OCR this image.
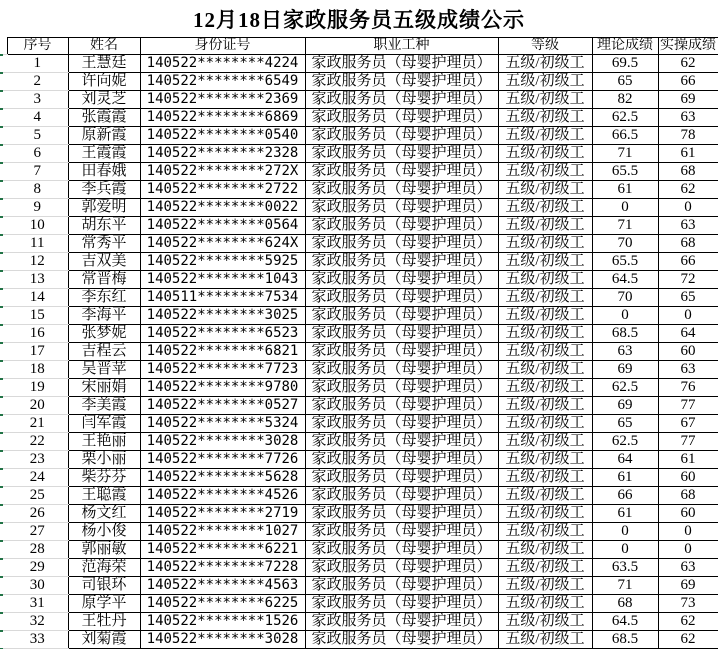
12月18日家政服务员五级成绩公示
	序号	姓名	身份证号	职业工种	等级	理论成绩	实操成绩
	1	王慧廷	140522********4224	家政服务员（母婴护理员）	五级/初级工	69.5	62
	2	许向妮	140522********6549	家政服务员（母婴护理员）	五级/初级工	65	66
	3	刘灵芝	140522********2369	家政服务员（母婴护理员）	五级/初级工	82	69
	4	张霞霞	140522********6869	家政服务员（母婴护理员）	五级/初级工	62.5	63
	5	原新霞	140522********0540	家政服务员（母婴护理员）	五级/初级工	66.5	78
	6	王霞霞	140522********2328	家政服务员（母婴护理员）	五级/初级工	71	61
	7	田春娥	140522********272X	家政服务员（母婴护理员）	五级/初级工	65.5	68
	8	李兵霞	140522********2722	家政服务员（母婴护理员）	五级/初级工	61	62
	9	郭爱明	140522********0022	家政服务员（母婴护理员）	五级/初级工	0	0
	10	胡东平	140522********0564	家政服务员（母婴护理员）	五级/初级工	71	63
	11	常秀平	140522********624X	家政服务员（母婴护理员）	五级/初级工	70	68
	12	吉双美	140522********5925	家政服务员（母婴护理员）	五级/初级工	65.5	66
	13	常晋梅	140522********1043	家政服务员（母婴护理员）	五级/初级工	64.5	72
	14	李东红	140511********7534	家政服务员（母婴护理员）	五级/初级工	70	65
	15	李海平	140522********3025	家政服务员（母婴护理员）	五级/初级工	0	0
	16	张梦妮	140522********6523	家政服务员（母婴护理员）	五级/初级工	68.5	64
	17	吉程云	140522********6821	家政服务员（母婴护理员）	五级/初级工	63	60
	18	吴晋苹	140522********7723	家政服务员（母婴护理员）	五级/初级工	69	63
	19	宋丽娟	140522********9780	家政服务员（母婴护理员）	五级/初级工	62.5	76
	20	李美霞	140522********0527	家政服务员（母婴护理员）	五级/初级工	69	77
	21	闫军霞	140522********5324	家政服务员（母婴护理员）	五级/初级工	65	67
	22	王艳丽	140522********3028	家政服务员（母婴护理员）	五级/初级工	62.5	77
	23	栗小丽	140522********7726	家政服务员（母婴护理员）	五级/初级工	64	61
	24	柴芬芬	140522********5628	家政服务员（母婴护理员）	五级/初级工	61	60
	25	王聪霞	140522********4526	家政服务员（母婴护理员）	五级/初级工	66	68
	26	杨文红	140522********2719	家政服务员（母婴护理员）	五级/初级工	61	60
	27	杨小俊	140522********1027	家政服务员（母婴护理员）	五级/初级工	0	0
	28	郭丽敏	140522********6221	家政服务员（母婴护理员）	五级/初级工	0	0
	29	范海荣	140522********7228	家政服务员（母婴护理员）	五级/初级工	63.5	63
	30	司银环	140522********4563	家政服务员（母婴护理员）	五级/初级工	71	69
	31	原学平	140522********6225	家政服务员（母婴护理员）	五级/初级工	68	73
	32	王牡丹	140522********1526	家政服务员（母婴护理员）	五级/初级工	64.5	62
	33	刘菊霞	140522********3028	家政服务员（母婴护理员）	五级/初级工	68.5	62
